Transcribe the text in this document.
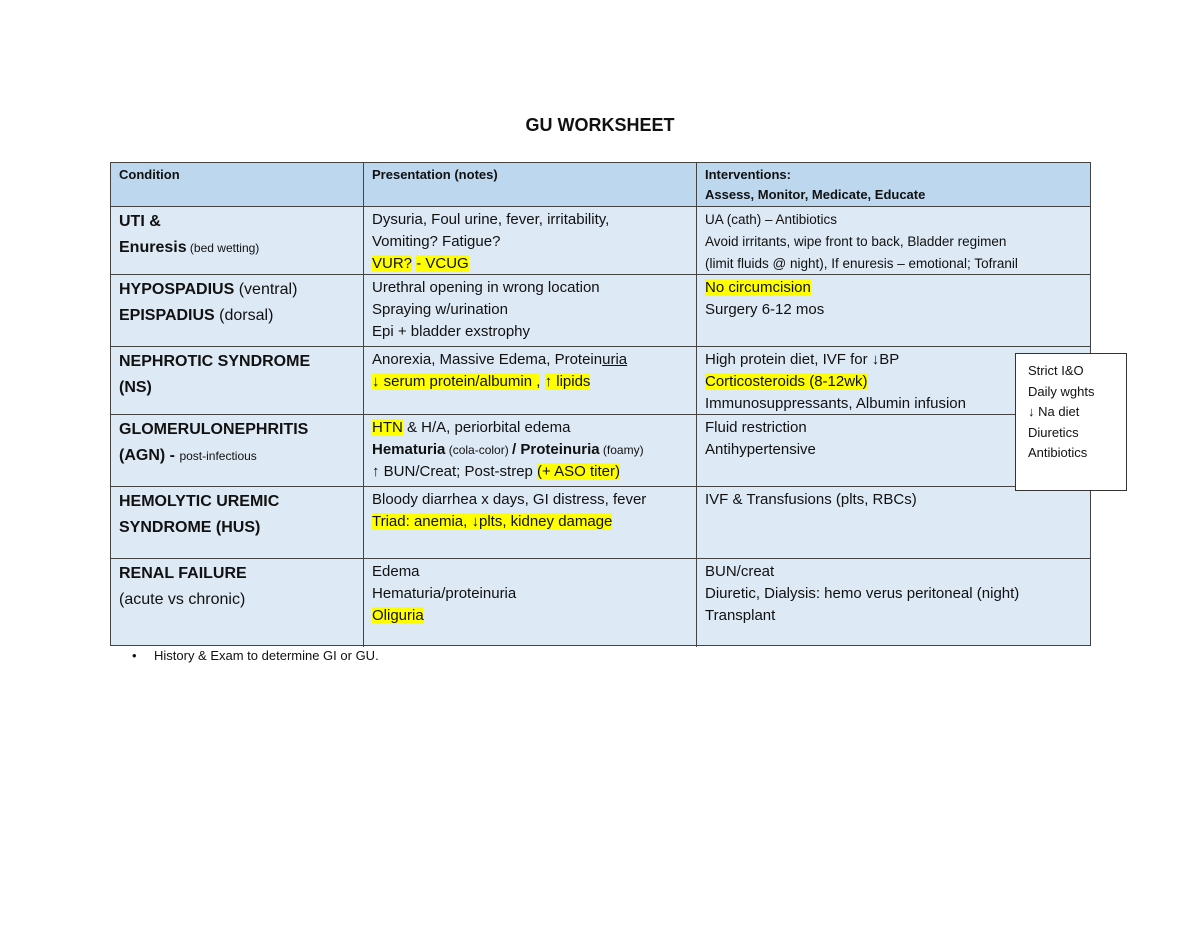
GU WORKSHEET
Condition	Presentation (notes)	Interventions:
Assess, Monitor, Medicate, Educate
UTI &
Enuresis (bed wetting)
Dysuria, Foul urine, fever, irritability,
Vomiting? Fatigue?
VUR? - VCUG
UA (cath) – Antibiotics
Avoid irritants, wipe front to back, Bladder regimen
(limit fluids @ night), If enuresis – emotional; Tofranil
HYPOSPADIUS (ventral)
EPISPADIUS (dorsal)
Urethral opening in wrong location
Spraying w/urination
Epi + bladder exstrophy
No circumcision
Surgery 6-12 mos
NEPHROTIC SYNDROME
(NS)
Anorexia, Massive Edema, Proteinuria
↓ serum protein/albumin , ↑ lipids
High protein diet, IVF for ↓BP
Corticosteroids (8-12wk)
Immunosuppressants, Albumin infusion
GLOMERULONEPHRITIS
(AGN) - post-infectious
HTN & H/A, periorbital edema
Hematuria (cola-color) / Proteinuria (foamy)
↑ BUN/Creat; Post-strep (+ ASO titer)
Fluid restriction
Antihypertensive
HEMOLYTIC UREMIC
SYNDROME (HUS)
Bloody diarrhea x days, GI distress, fever
Triad: anemia, ↓plts, kidney damage
IVF & Transfusions (plts, RBCs)
RENAL FAILURE
(acute vs chronic)
Edema
Hematuria/proteinuria
Oliguria
BUN/creat
Diuretic, Dialysis: hemo verus peritoneal (night)
Transplant
Strict I&O
Daily wghts
↓ Na diet
Diuretics
Antibiotics
• History & Exam to determine GI or GU.
